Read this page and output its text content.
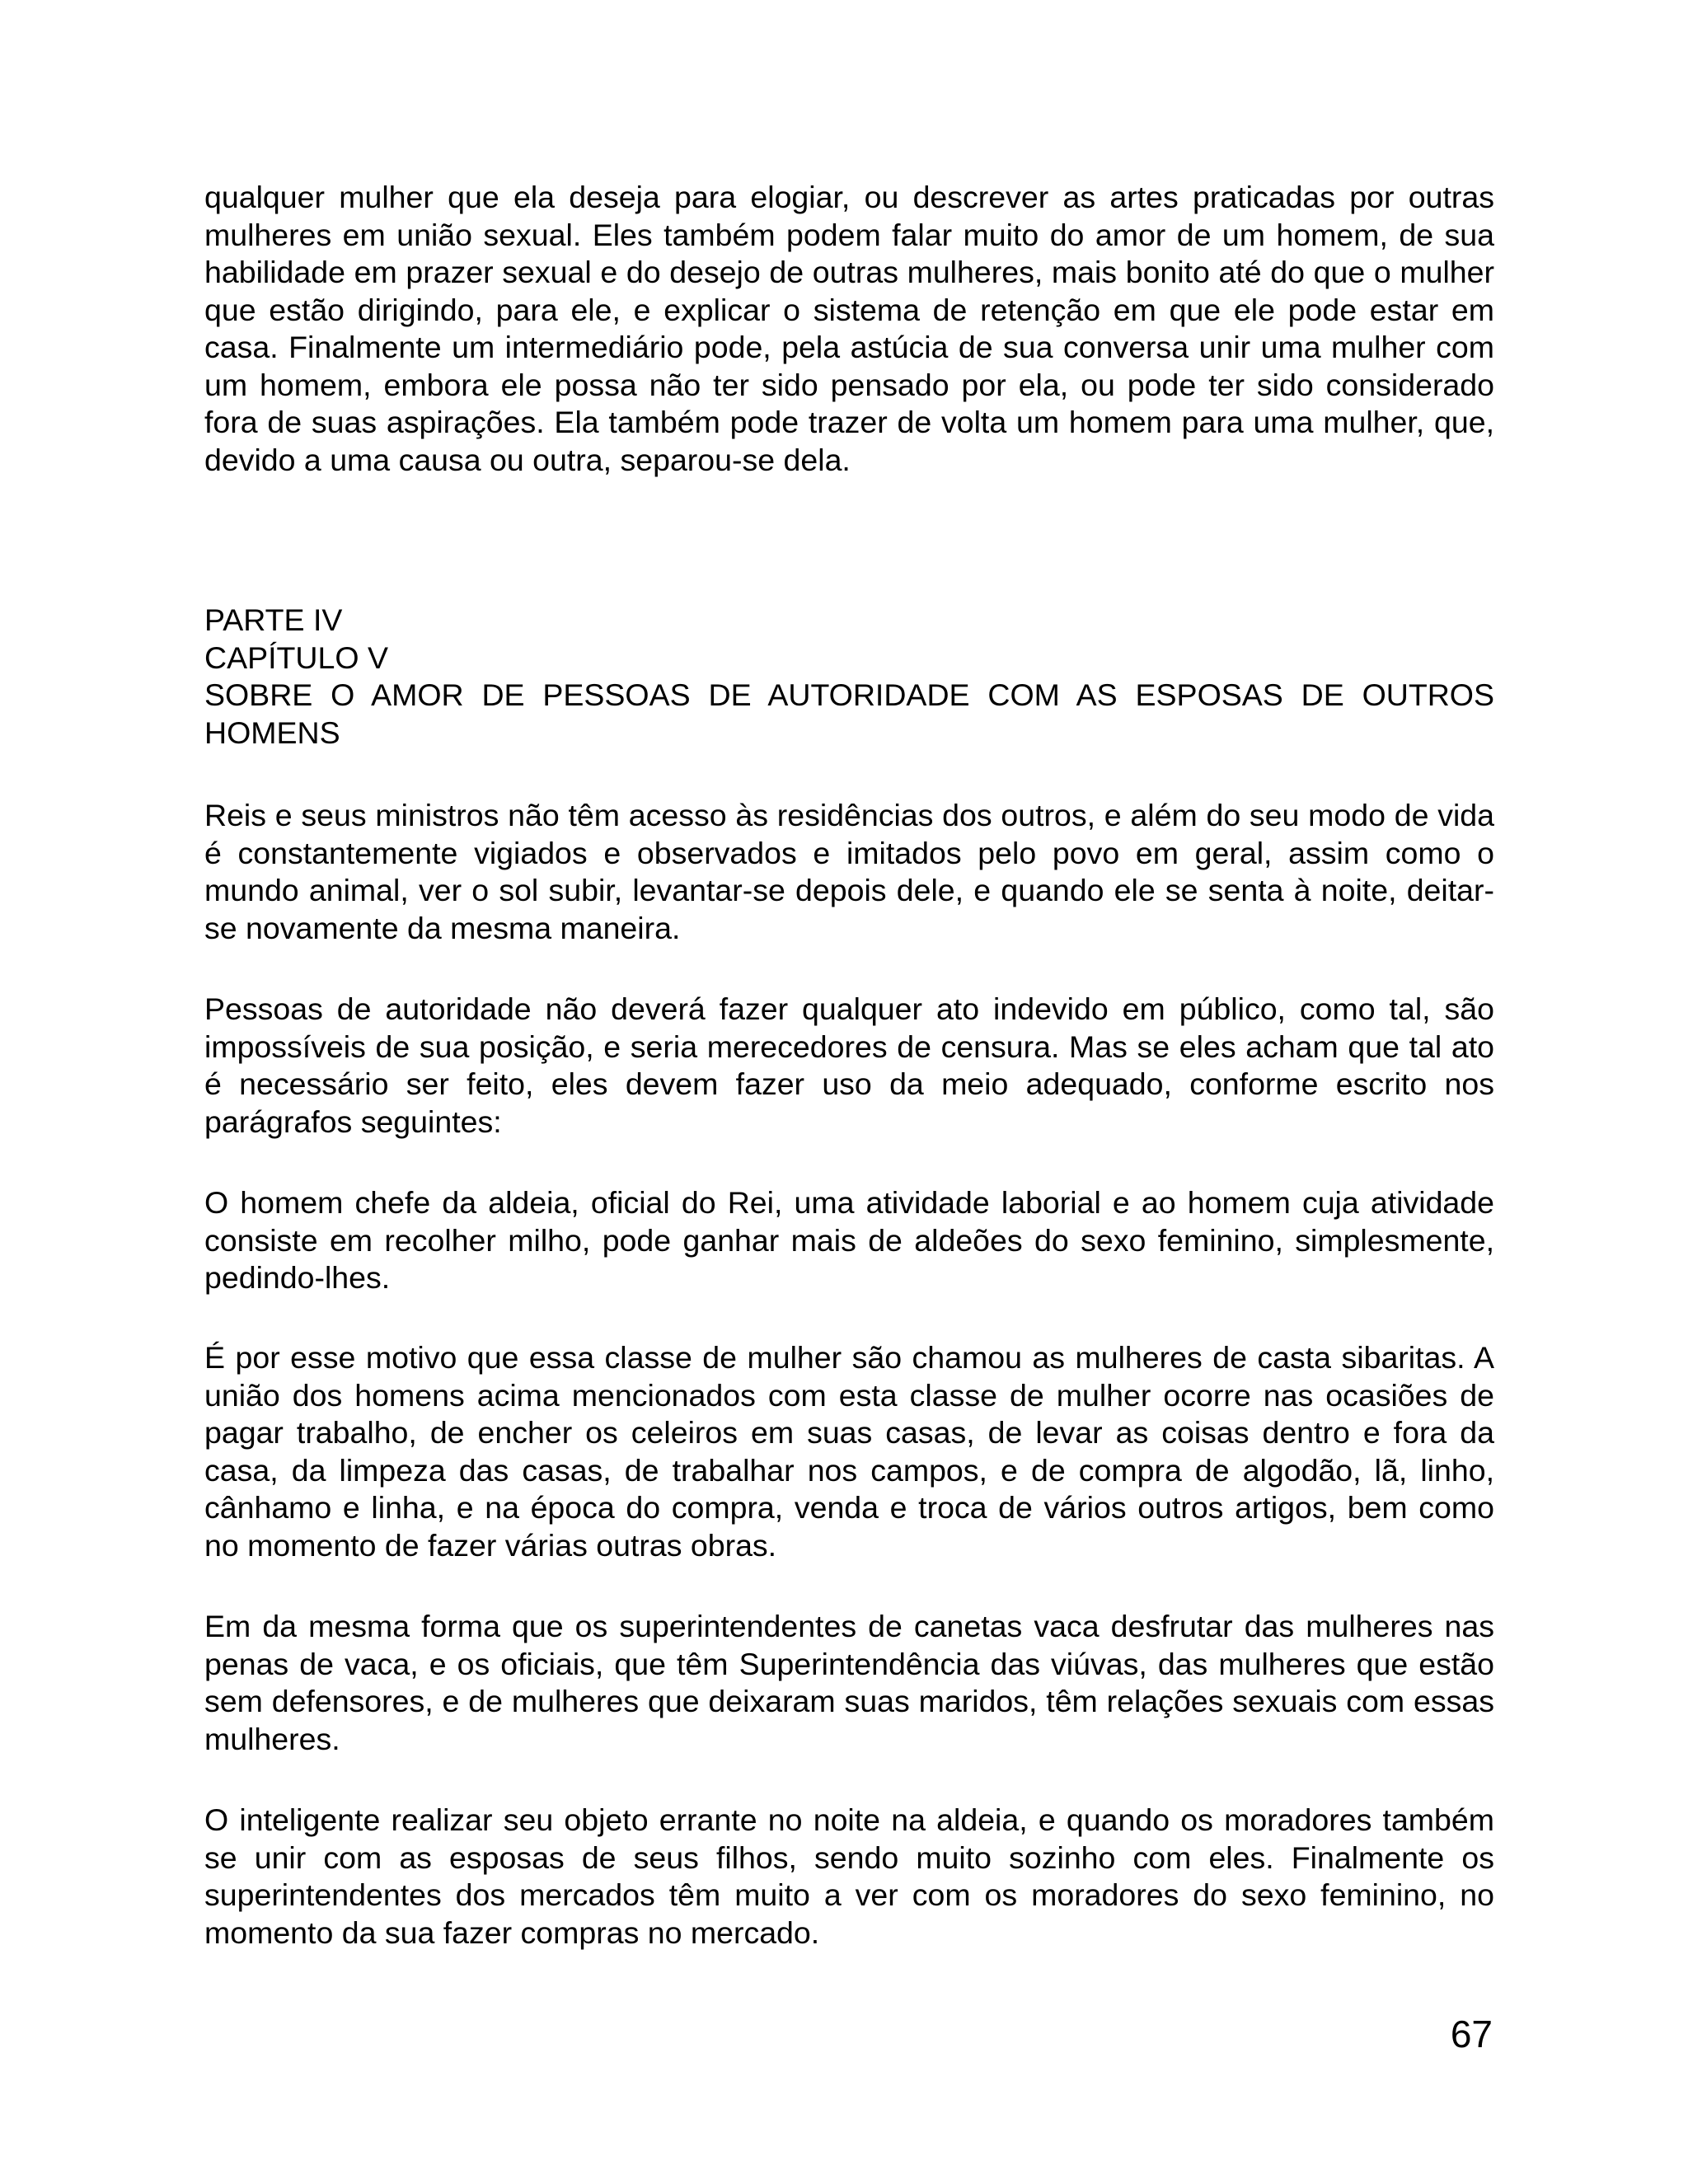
qualquer mulher que ela deseja para elogiar, ou descrever as artes praticadas por outras mulheres em união sexual. Eles também podem falar muito do amor de um homem, de sua habilidade em prazer sexual e do desejo de outras mulheres, mais bonito até do que o mulher que estão dirigindo, para ele, e explicar o sistema de retenção em que ele pode estar em casa. Finalmente um intermediário pode, pela astúcia de sua conversa unir uma mulher com um homem, embora ele possa não ter sido pensado por ela, ou pode ter sido considerado fora de suas aspirações. Ela também pode trazer de volta um homem para uma mulher, que, devido a uma causa ou outra, separou-se dela.

PARTE IV
CAPÍTULO V
SOBRE O AMOR DE PESSOAS DE AUTORIDADE COM AS ESPOSAS DE OUTROS HOMENS

Reis e seus ministros não têm acesso às residências dos outros, e além do seu modo de vida é constantemente vigiados e observados e imitados pelo povo em geral, assim como o mundo animal, ver o sol subir, levantar-se depois dele, e quando ele se senta à noite, deitar-se novamente da mesma maneira.

Pessoas de autoridade não deverá fazer qualquer ato indevido em público, como tal, são impossíveis de sua posição, e seria merecedores de censura. Mas se eles acham que tal ato é necessário ser feito, eles devem fazer uso da meio adequado, conforme escrito nos parágrafos seguintes:

O homem chefe da aldeia, oficial do Rei, uma atividade laborial e ao homem cuja atividade consiste em recolher milho, pode ganhar mais de aldeões do sexo feminino, simplesmente, pedindo-lhes.

É por esse motivo que essa classe de mulher são chamou as mulheres de casta sibaritas. A união dos homens acima mencionados com esta classe de mulher ocorre nas ocasiões de pagar trabalho, de encher os celeiros em suas casas, de levar as coisas dentro e fora da casa, da limpeza das casas, de trabalhar nos campos, e de compra de algodão, lã, linho, cânhamo e linha, e na época do compra, venda e troca de vários outros artigos, bem como no momento de fazer várias outras obras.

Em da mesma forma que os superintendentes de canetas vaca desfrutar das mulheres nas penas de vaca, e os oficiais, que têm Superintendência das viúvas, das mulheres que estão sem defensores, e de mulheres que deixaram suas maridos, têm relações sexuais com essas mulheres.

O inteligente realizar seu objeto errante no noite na aldeia, e quando os moradores também se unir com as esposas de seus filhos, sendo muito sozinho com eles. Finalmente os superintendentes dos mercados têm muito a ver com os moradores do sexo feminino, no momento da sua fazer compras no mercado.

67
